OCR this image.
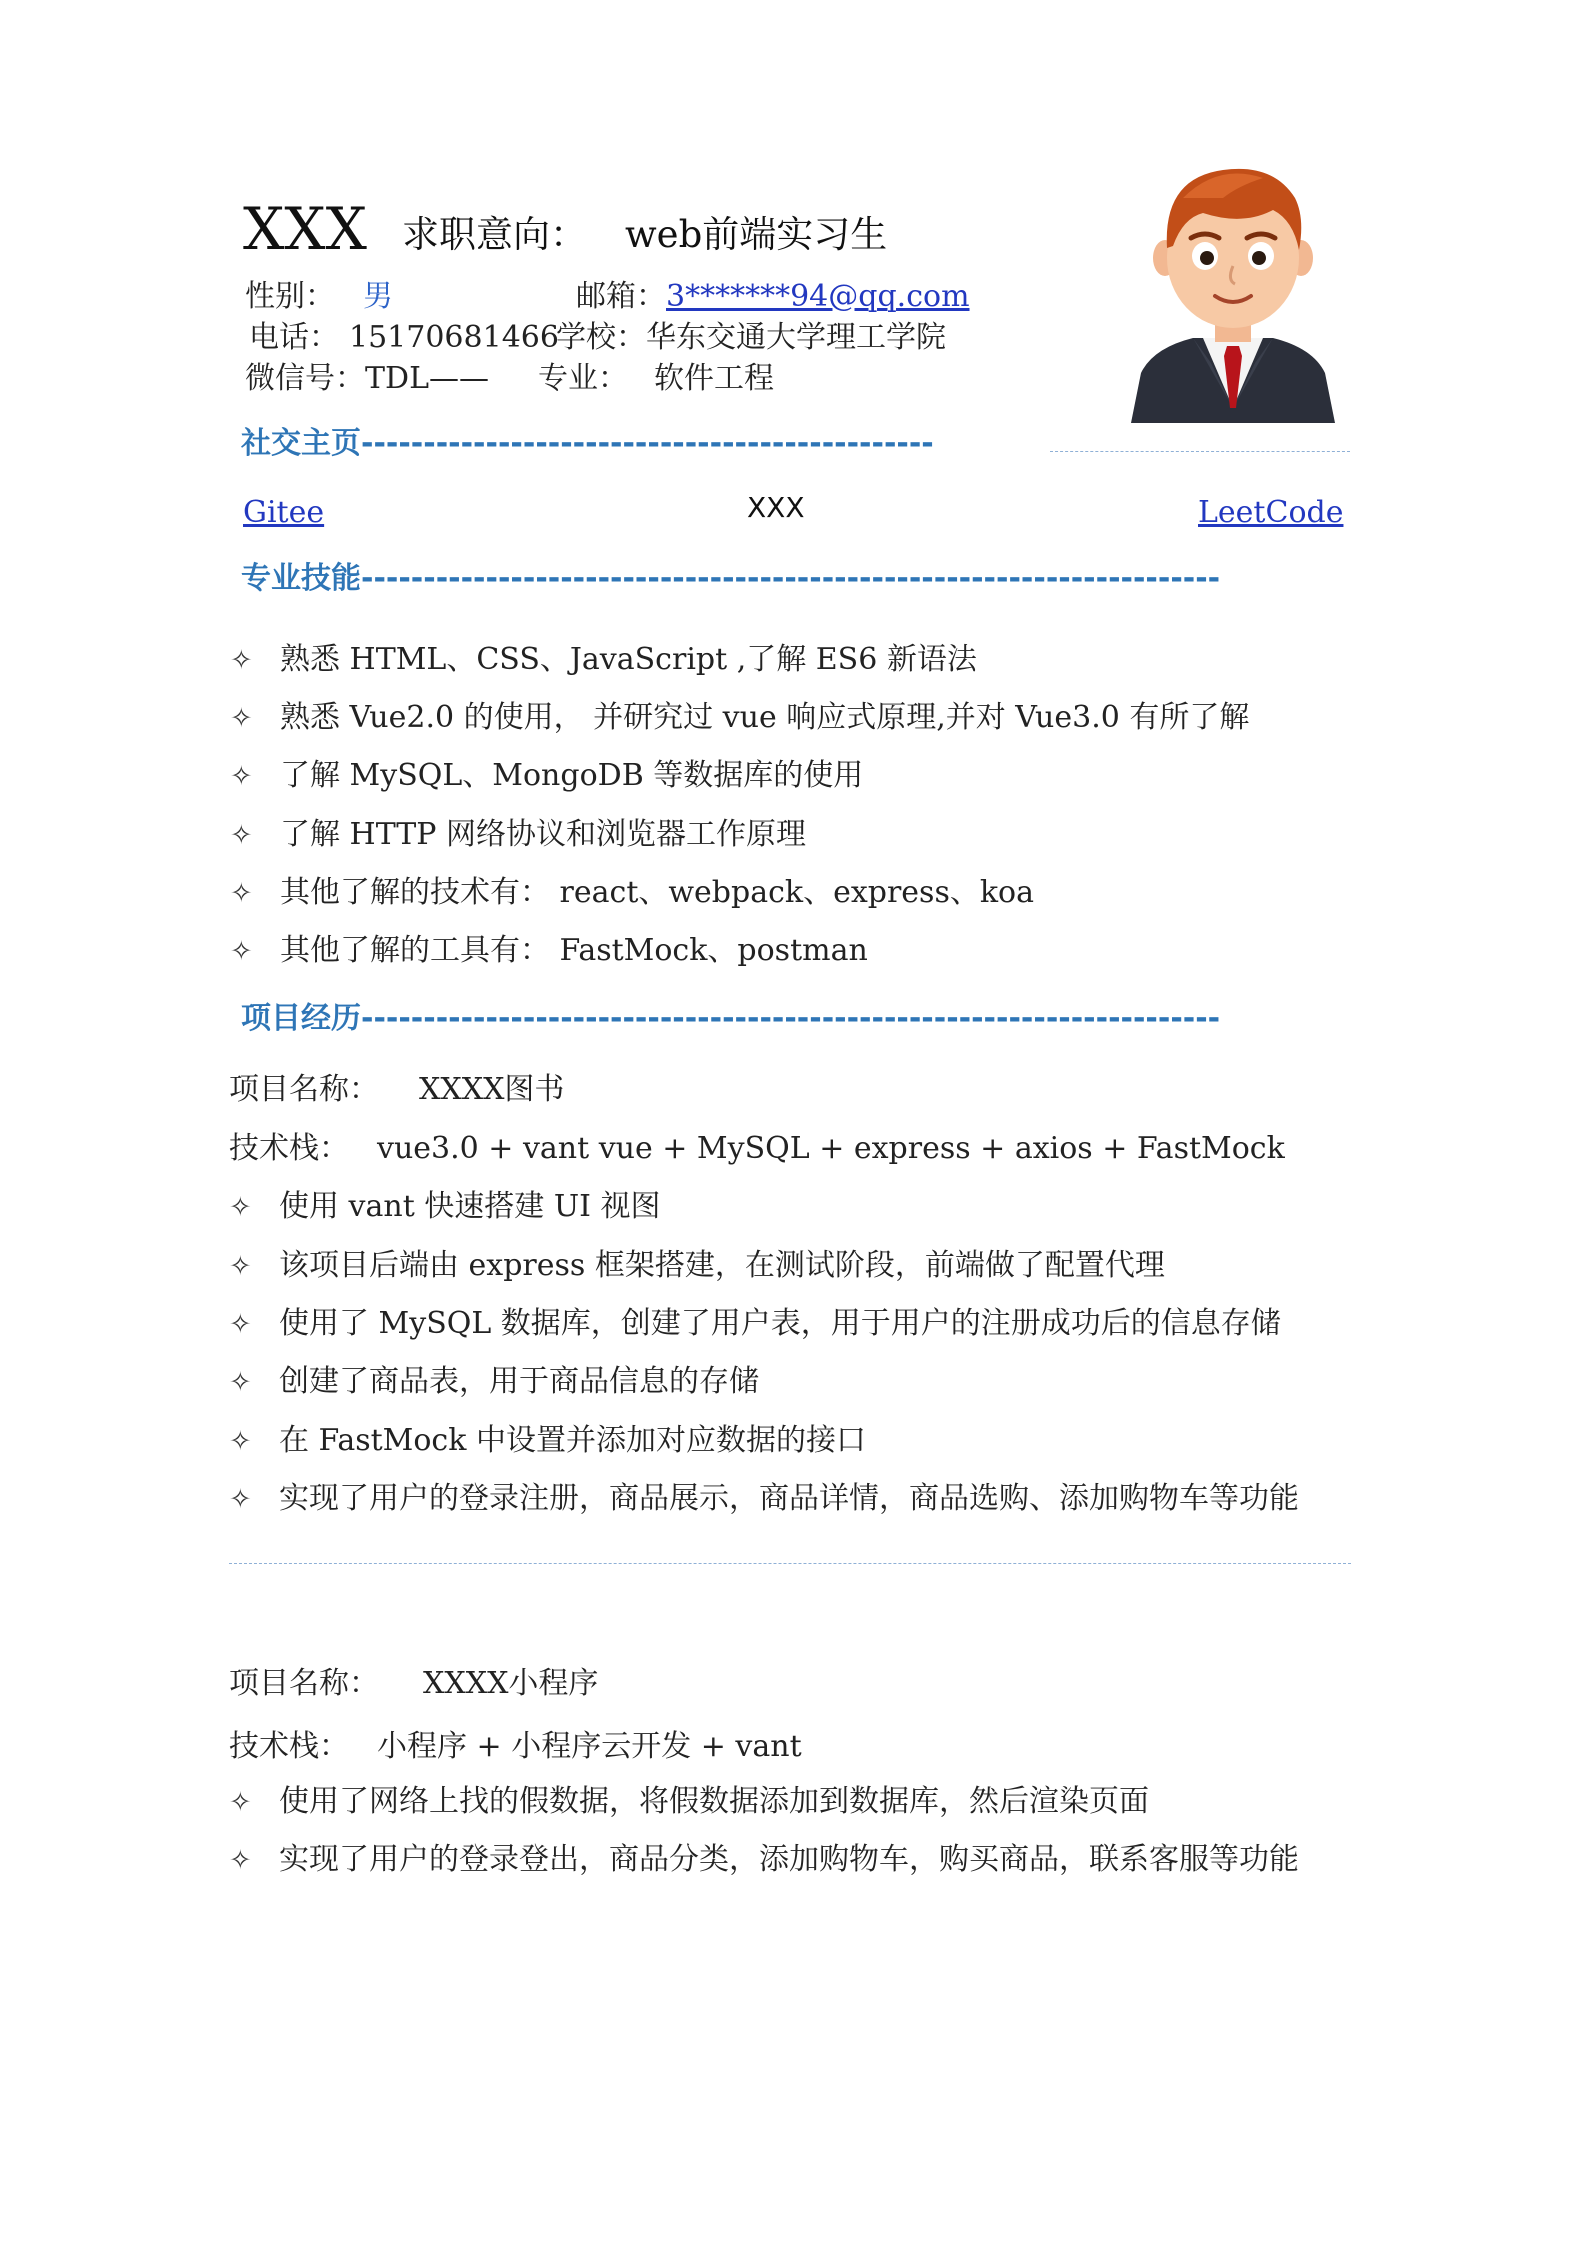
XXX 求职意向： web前端实习生
性别： 男	邮箱：3*******94@qq.com
电话： 15170681466
学校：华东交通大学理工学院
微信号：TDL—— 专业： 软件工程
社交主页----------------------------------------------
Gitee	XXX	LeetCode
专业技能---------------------------------------------------------------------
✧ 熟悉 HTML、CSS、JavaScript ,了解 ES6 新语法
✧ 熟悉 Vue2.0 的使用， 并研究过 vue 响应式原理,并对 Vue3.0 有所了解
✧ 了解 MySQL、MongoDB 等数据库的使用
✧ 了解 HTTP 网络协议和浏览器工作原理
✧ 其他了解的技术有： react、webpack、express、koa
✧ 其他了解的工具有： FastMock、postman
项目经历---------------------------------------------------------------------
项目名称： XXXX图书
技术栈： vue3.0 + vant vue + MySQL + express + axios + FastMock
✧ 使用 vant 快速搭建 UI 视图
✧ 该项目后端由 express 框架搭建，在测试阶段，前端做了配置代理
✧ 使用了 MySQL 数据库，创建了用户表，用于用户的注册成功后的信息存储
✧ 创建了商品表，用于商品信息的存储
✧ 在 FastMock 中设置并添加对应数据的接口
✧ 实现了用户的登录注册，商品展示，商品详情，商品选购、添加购物车等功能
项目名称： XXXX小程序
技术栈： 小程序 + 小程序云开发 + vant
✧ 使用了网络上找的假数据，将假数据添加到数据库，然后渲染页面
✧ 实现了用户的登录登出，商品分类，添加购物车，购买商品，联系客服等功能
